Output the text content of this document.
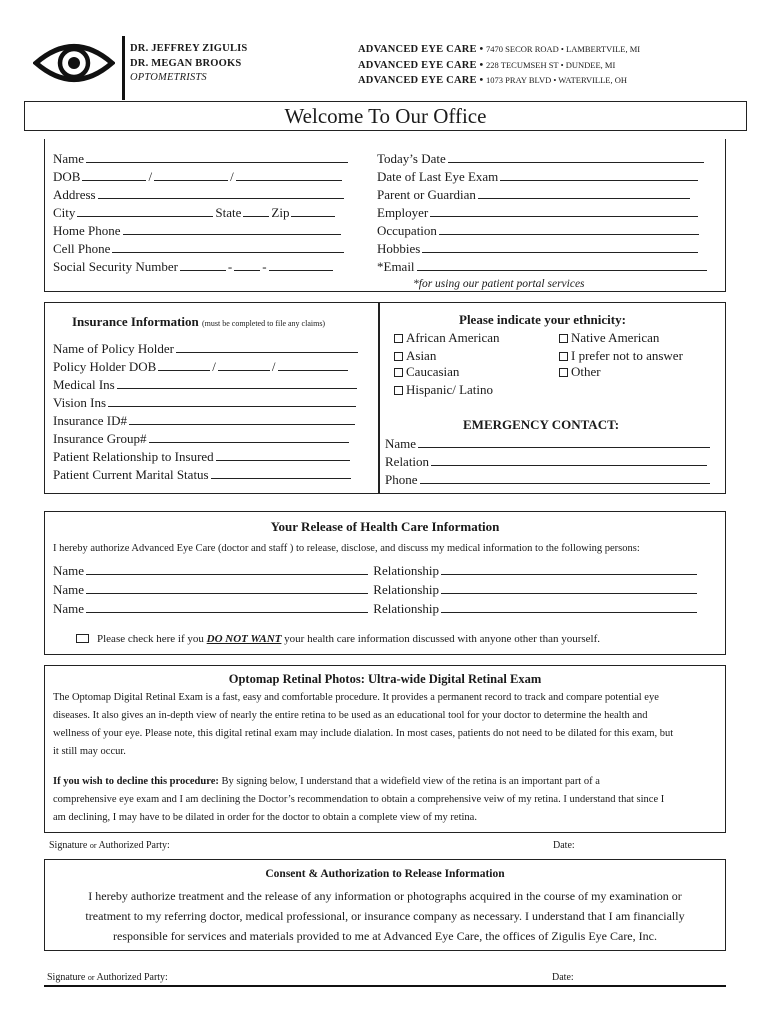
DR. JEFFREY ZIGULIS
DR. MEGAN BROOKS
OPTOMETRISTS
ADVANCED EYE CARE • 7470 SECOR ROAD • LAMBERTVILE, MI
ADVANCED EYE CARE • 228 TECUMSEH ST • DUNDEE, MI
ADVANCED EYE CARE • 1073 PRAY BLVD • WATERVILLE, OH
Welcome To Our Office
Name
DOB	/	/
Address
City	State Zip
Home Phone
Cell Phone
Social Security Number	- -
Today’s Date
Date of Last Eye Exam
Parent or Guardian
Employer
Occupation
Hobbies
*Email
*for using our patient portal services
Insurance Information (must be completed to file any claims)
Name of Policy Holder
Policy Holder DOB	/	/
Medical Ins
Vision Ins
Insurance ID#
Insurance Group#
Patient Relationship to Insured
Patient Current Marital Status
Please indicate your ethnicity:
African American
Asian
Caucasian
Hispanic/ Latino
Native American
I prefer not to answer
Other
EMERGENCY CONTACT:
Name
Relation
Phone
Your Release of Health Care Information
I hereby authorize Advanced Eye Care (doctor and staff ) to release, disclose, and discuss my medical information to the following persons:
Name	Relationship
Name	Relationship
Name	Relationship
Please check here if you DO NOT WANT your health care information discussed with anyone other than yourself.
Optomap Retinal Photos: Ultra-wide Digital Retinal Exam
The Optomap Digital Retinal Exam is a fast, easy and comfortable procedure. It provides a permanent record to track and compare potential eye
diseases. It also gives an in-depth view of nearly the entire retina to be used as an educational tool for your doctor to determine the health and
wellness of your eye. Please note, this digital retinal exam may include dialation. In most cases, patients do not need to be dilated for this exam, but
it still may occur.
If you wish to decline this procedure: By signing below, I understand that a widefield view of the retina is an important part of a
comprehensive eye exam and I am declining the Doctor’s recommendation to obtain a comprehensive veiw of my retina. I understand that since I
am declining, I may have to be dilated in order for the doctor to obtain a complete view of my retina.
Signature or Authorized Party:	Date:
Consent & Authorization to Release Information
I hereby authorize treatment and the release of any information or photographs acquired in the course of my examination or
treatment to my referring doctor, medical professional, or insurance company as necessary. I understand that I am financially
responsible for services and materials provided to me at Advanced Eye Care, the offices of Zigulis Eye Care, Inc.
Signature or Authorized Party:	Date:
